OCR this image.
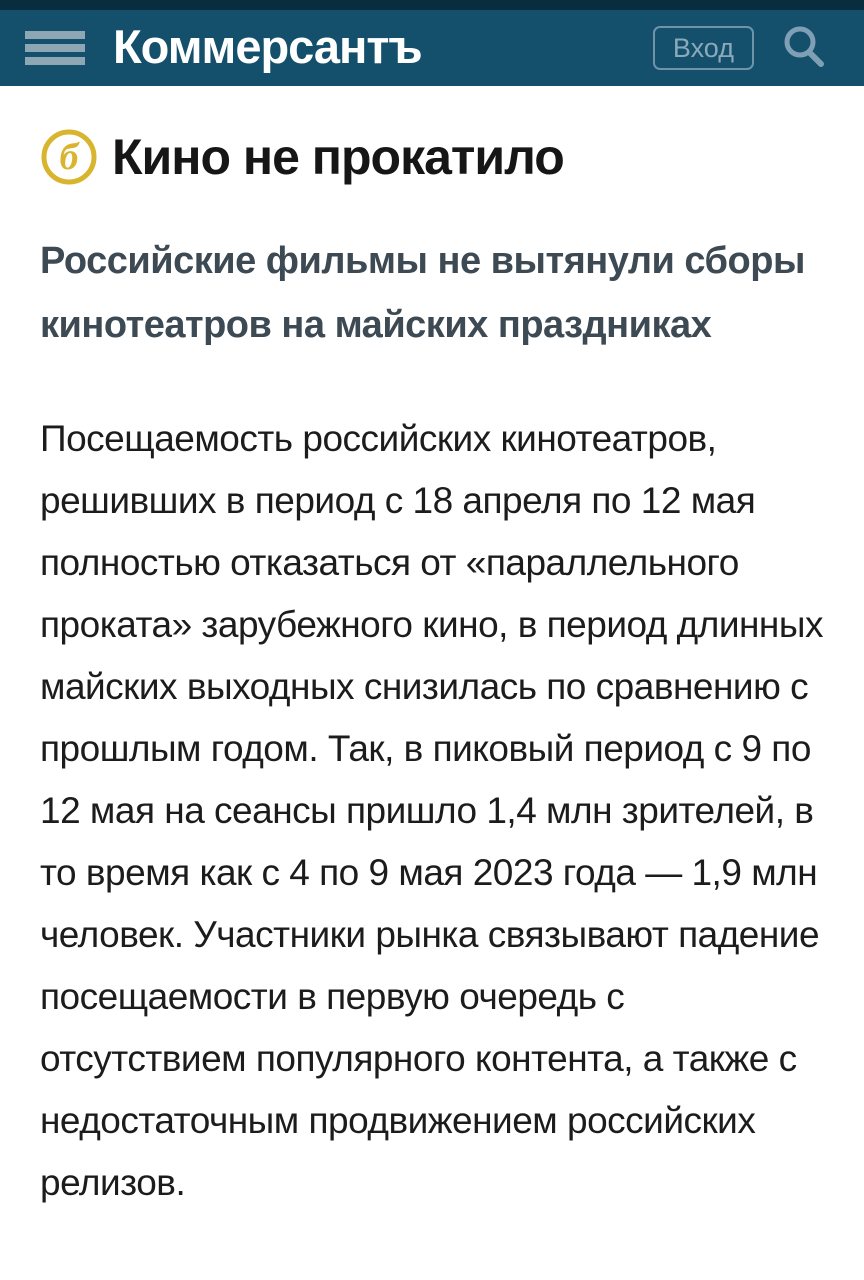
Коммерсантъ	Вход
б Кино не прокатило
Российские фильмы не вытянули сборы кинотеатров на майских праздниках

Посещаемость российских кинотеатров, решивших в период с 18 апреля по 12 мая полностью отказаться от «параллельного проката» зарубежного кино, в период длинных майских выходных снизилась по сравнению с прошлым годом. Так, в пиковый период с 9 по 12 мая на сеансы пришло 1,4 млн зрителей, в то время как с 4 по 9 мая 2023 года — 1,9 млн человек. Участники рынка связывают падение посещаемости в первую очередь с отсутствием популярного контента, а также с недостаточным продвижением российских релизов.
